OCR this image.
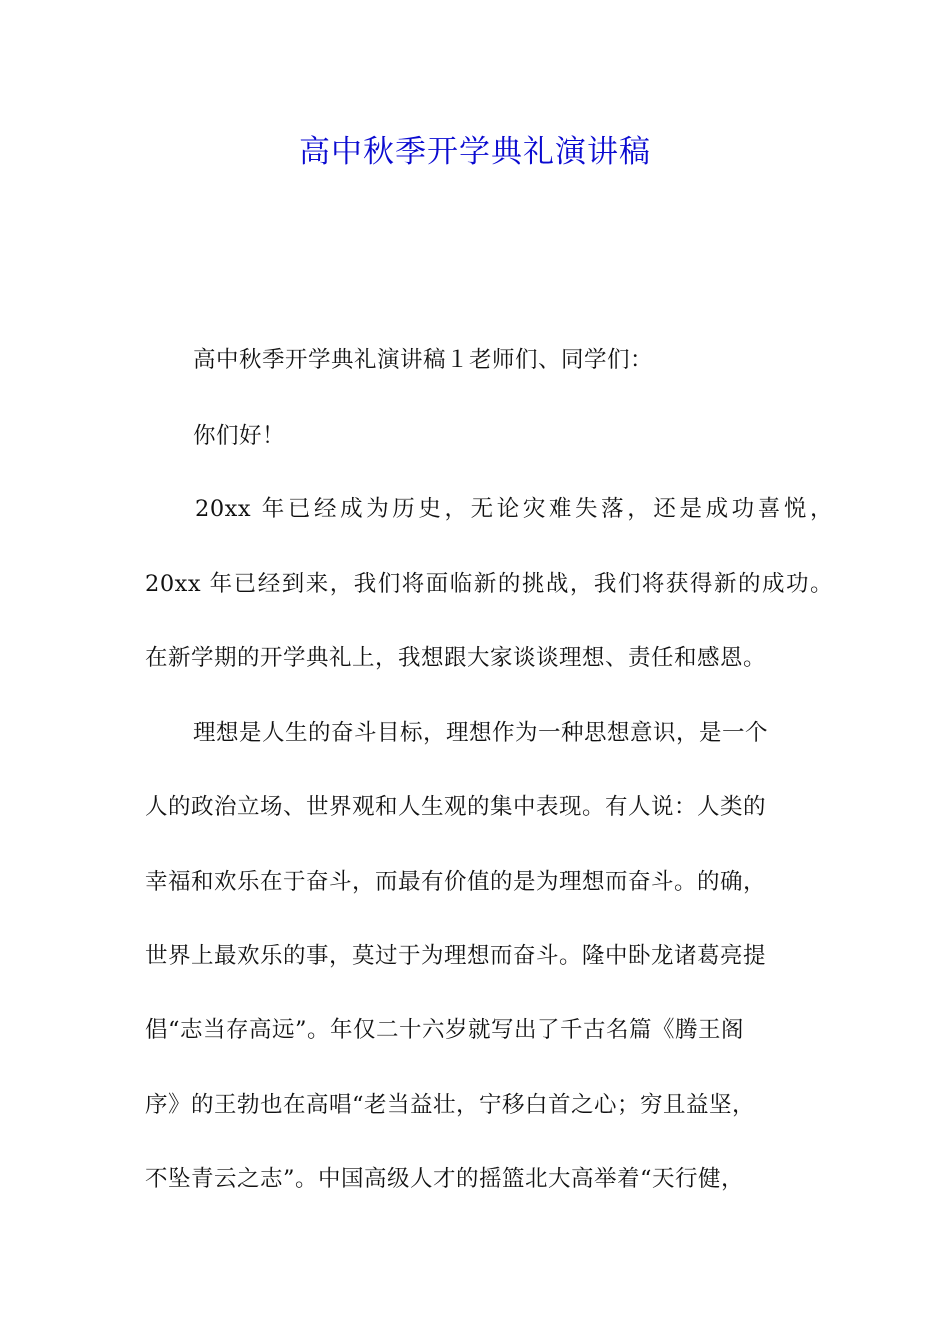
高中秋季开学典礼演讲稿
高中秋季开学典礼演讲稿１老师们、同学们：
你们好！
20xx 年已经成为历史，无论灾难失落，还是成功喜悦，
20xx 年已经到来，我们将面临新的挑战，我们将获得新的成功。
在新学期的开学典礼上，我想跟大家谈谈理想、责任和感恩。
理想是人生的奋斗目标，理想作为一种思想意识，是一个
人的政治立场、世界观和人生观的集中表现。有人说：人类的
幸福和欢乐在于奋斗，而最有价值的是为理想而奋斗。的确，
世界上最欢乐的事，莫过于为理想而奋斗。隆中卧龙诸葛亮提
倡“志当存高远”。年仅二十六岁就写出了千古名篇《腾王阁
序》的王勃也在高唱“老当益壮，宁移白首之心；穷且益坚，
不坠青云之志”。中国高级人才的摇篮北大高举着“天行健，
